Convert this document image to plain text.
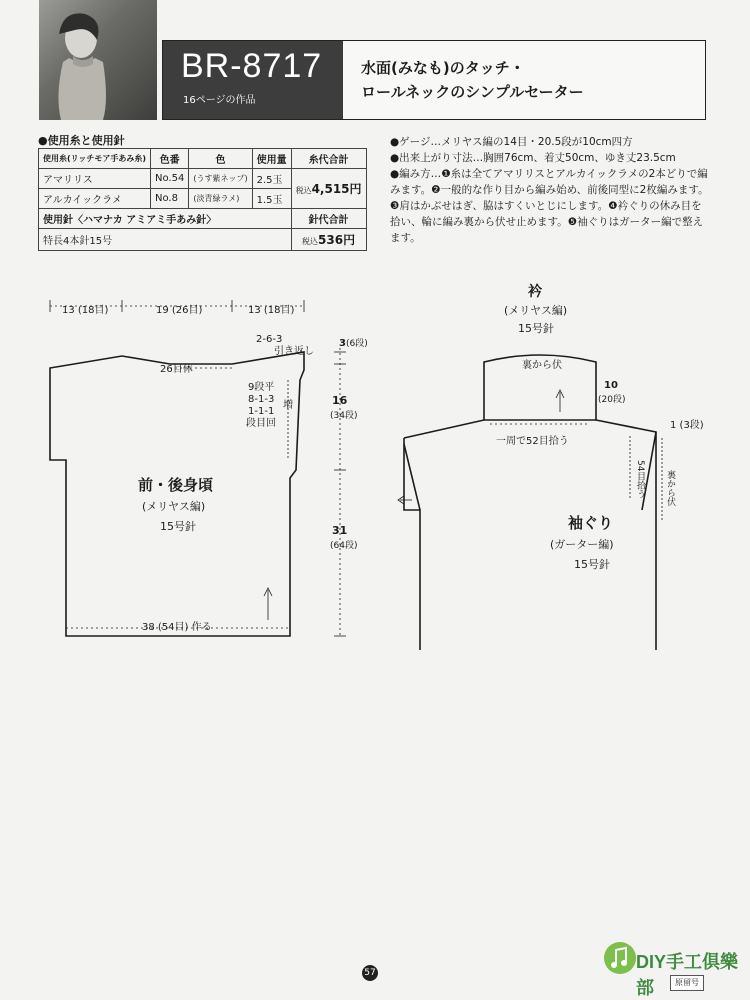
BR-8717
16ページの作品
水面(みなも)のタッチ・
ロールネックのシンプルセーター
●使用糸と使用針
使用糸(リッチモア手あみ糸)	色番	色	使用量	糸代合計
アマリリス	No.54	(うす紫ネップ)	2.5玉	税込4,515円
アルカイックラメ	No.8	(淡青緑ラメ)	1.5玉	
使用針〈ハマナカ アミアミ手あみ針〉				針代合計
特長4本針15号				税込536円

●ゲージ…メリヤス編の14目・20.5段が10cm四方

●出来上がり寸法…胸囲76cm、着丈50cm、ゆき丈23.5cm

●編み方…❶糸は全てアマリリスとアルカイックラメの2本どりで編みます。❷一般的な作り目から編み始め、前後同型に2枚編みます。❸肩はかぶせはぎ、脇はすくいとじにします。❹衿ぐりの休み目を拾い、輪に編み裏から伏せ止めます。❺袖ぐりはガーター編で整えます。

13 (18目)	19 (26目)	13 (18目)
2-6-3
引き返し
26目休
9段平
8-1-3
1-1-1
段目回
増
3 (6段)
16
(34段)
31
(64段)
前・後身頃
(メリヤス編)
15号針
38 (54目) 作る
衿
(メリヤス編)
15号針
裏から伏
10
(20段)
一周で52目拾う
1 (3段)
裏から伏
54目拾う
袖ぐり
(ガーター編)
15号針
57
DIY手工俱樂部	原留号
